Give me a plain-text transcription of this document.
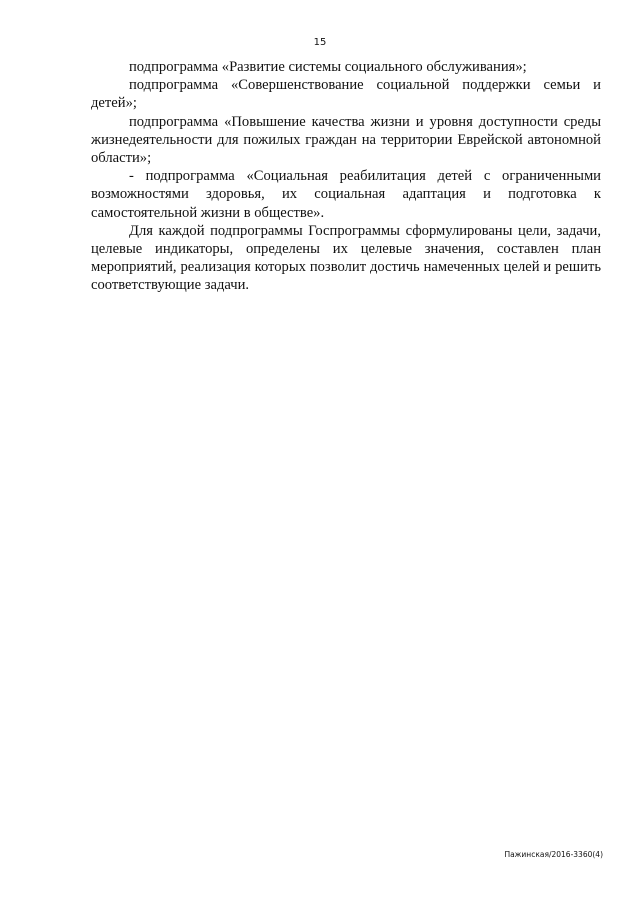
15

подпрограмма «Развитие системы социального обслуживания»;

подпрограмма «Совершенствование социальной поддержки семьи и детей»;

подпрограмма «Повышение качества жизни и уровня доступности среды жизнедеятельности для пожилых граждан на территории Еврейской автономной области»;

- подпрограмма «Социальная реабилитация детей с ограниченными возможностями здоровья, их социальная адаптация и подготовка к самостоятельной жизни в обществе».

Для каждой подпрограммы Госпрограммы сформулированы цели, задачи, целевые индикаторы, определены их целевые значения, составлен план мероприятий, реализация которых позволит достичь намеченных целей и решить соответствующие задачи.

Пажинская/2016-3360(4)
